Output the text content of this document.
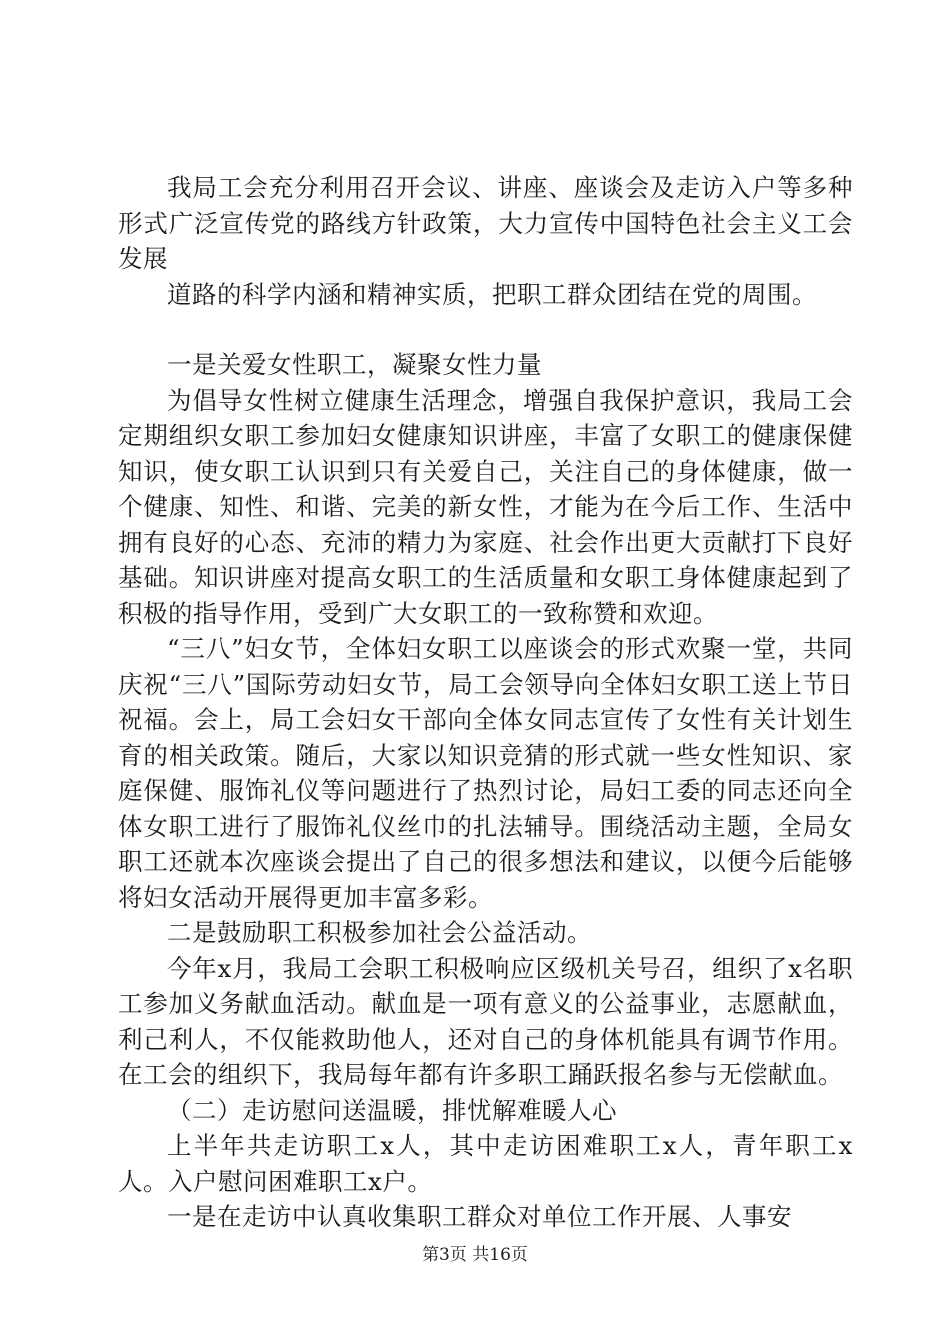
我局工会充分利用召开会议、讲座、座谈会及走访入户等多种形式广泛宣传党的路线方针政策，大力宣传中国特色社会主义工会发展

道路的科学内涵和精神实质，把职工群众团结在党的周围。

一是关爱女性职工，凝聚女性力量

为倡导女性树立健康生活理念，增强自我保护意识，我局工会定期组织女职工参加妇女健康知识讲座，丰富了女职工的健康保健知识，使女职工认识到只有关爱自己，关注自己的身体健康，做一个健康、知性、和谐、完美的新女性，才能为在今后工作、生活中拥有良好的心态、充沛的精力为家庭、社会作出更大贡献打下良好基础。知识讲座对提高女职工的生活质量和女职工身体健康起到了积极的指导作用，受到广大女职工的一致称赞和欢迎。

“三八”妇女节，全体妇女职工以座谈会的形式欢聚一堂，共同庆祝“三八”国际劳动妇女节，局工会领导向全体妇女职工送上节日祝福。会上，局工会妇女干部向全体女同志宣传了女性有关计划生育的相关政策。随后，大家以知识竞猜的形式就一些女性知识、家庭保健、服饰礼仪等问题进行了热烈讨论，局妇工委的同志还向全体女职工进行了服饰礼仪丝巾的扎法辅导。围绕活动主题，全局女职工还就本次座谈会提出了自己的很多想法和建议，以便今后能够将妇女活动开展得更加丰富多彩。

二是鼓励职工积极参加社会公益活动。

今年x月，我局工会职工积极响应区级机关号召，组织了x名职工参加义务献血活动。献血是一项有意义的公益事业，志愿献血，利己利人，不仅能救助他人，还对自己的身体机能具有调节作用。在工会的组织下，我局每年都有许多职工踊跃报名参与无偿献血。

（二）走访慰问送温暖，排忧解难暖人心

上半年共走访职工x人，其中走访困难职工x人，青年职工x人。入户慰问困难职工x户。

一是在走访中认真收集职工群众对单位工作开展、人事安

第3页 共16页
